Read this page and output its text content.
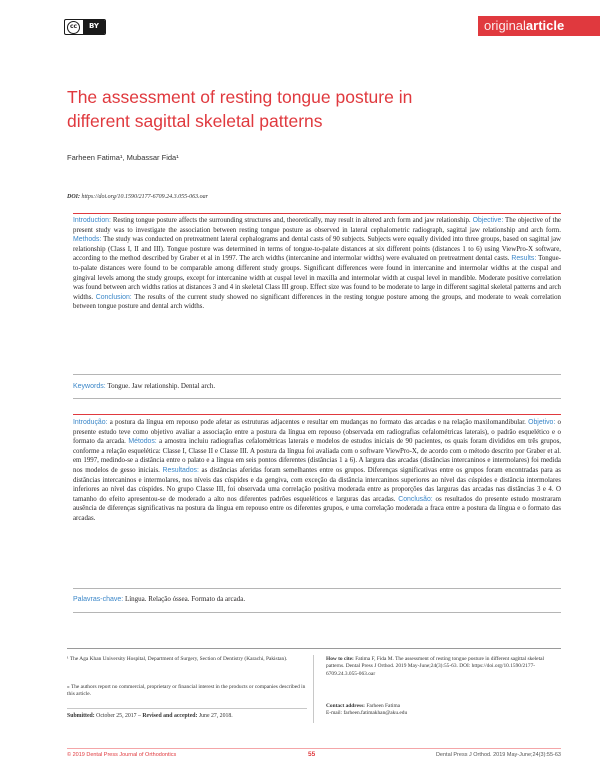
cc	BY	originalarticle
The assessment of resting tongue posture in
different sagittal skeletal patterns
Farheen Fatima¹, Mubassar Fida¹
DOI: https://doi.org/10.1590/2177-6709.24.3.055-063.oar
Introduction: Resting tongue posture affects the surrounding structures and, theoretically, may result in altered arch form and jaw relationship. Objective: The objective of the present study was to investigate the association between resting tongue posture as observed in lateral cephalometric radiograph, sagittal jaw relationship and arch form. Methods: The study was conducted on pretreatment lateral cephalograms and dental casts of 90 subjects. Subjects were equally divided into three groups, based on sagittal jaw relationship (Class I, II and III). Tongue posture was determined in terms of tongue-to-palate distances at six different points (distances 1 to 6) using ViewPro-X software, according to the method described by Graber et al in 1997. The arch widths (intercanine and intermolar widths) were evaluated on pretreatment dental casts. Results: Tongue-to-palate distances were found to be comparable among different study groups. Significant differences were found in intercanine and intermolar widths at the cuspal and gingival levels among the study groups, except for intercanine width at cuspal level in maxilla and intermolar width at cuspal level in mandible. Moderate positive correlation was found between arch widths ratios at distances 3 and 4 in skeletal Class III group. Effect size was found to be moderate to large in different sagittal skeletal patterns and arch widths. Conclusion: The results of the current study showed no significant differences in the resting tongue posture among the groups, and moderate to weak correlation between tongue posture and dental arch widths.
Keywords: Tongue. Jaw relationship. Dental arch.
Introdução: a postura da língua em repouso pode afetar as estruturas adjacentes e resultar em mudanças no formato das arcadas e na relação maxilomandibular. Objetivo: o presente estudo teve como objetivo avaliar a associação entre a postura da língua em repouso (observada em radiografias cefalométricas laterais), o padrão esquelético e o formato da arcada. Métodos: a amostra incluiu radiografias cefalométricas laterais e modelos de estudos iniciais de 90 pacientes, os quais foram divididos em três grupos, conforme a relação esquelética: Classe I, Classe II e Classe III. A postura da língua foi avaliada com o software ViewPro-X, de acordo com o método descrito por Graber et al. em 1997, medindo-se a distância entre o palato e a língua em seis pontos diferentes (distâncias 1 a 6). A largura das arcadas (distâncias intercaninos e intermolares) foi medida nos modelos de gesso iniciais. Resultados: as distâncias aferidas foram semelhantes entre os grupos. Diferenças significativas entre os grupos foram encontradas para as distâncias intercaninos e intermolares, nos níveis das cúspides e da gengiva, com exceção da distância intercaninos superiores ao nível das cúspides e distância intermolares inferiores ao nível das cúspides. No grupo Classe III, foi observada uma correlação positiva moderada entre as proporções das larguras das arcadas nas distâncias 3 e 4. O tamanho do efeito apresentou-se de moderado a alto nos diferentes padrões esqueléticos e larguras das arcadas. Conclusão: os resultados do presente estudo mostraram ausência de diferenças significativas na postura da língua em repouso entre os diferentes grupos, e uma correlação moderada a fraca entre a postura da língua e o formato das arcadas.
Palavras-chave: Língua. Relação óssea. Formato da arcada.
¹ The Aga Khan University Hospital, Department of Surgery, Section of Dentistry (Karachi, Pakistan).
» The authors report no commercial, proprietary or financial interest in the products or companies described in this article.
Submitted: October 25, 2017 – Revised and accepted: June 27, 2018.
How to cite: Fatima F, Fida M. The assessment of resting tongue posture in different sagittal skeletal patterns. Dental Press J Orthod. 2019 May-June;24(3):55-63. DOI: https://doi.org/10.1590/2177-6709.24.3.055-063.oar
Contact address: Farheen Fatima
E-mail: farheen.fatimakhan@aku.edu
© 2019 Dental Press Journal of Orthodontics	55	Dental Press J Orthod. 2019 May-June;24(3):55-63
